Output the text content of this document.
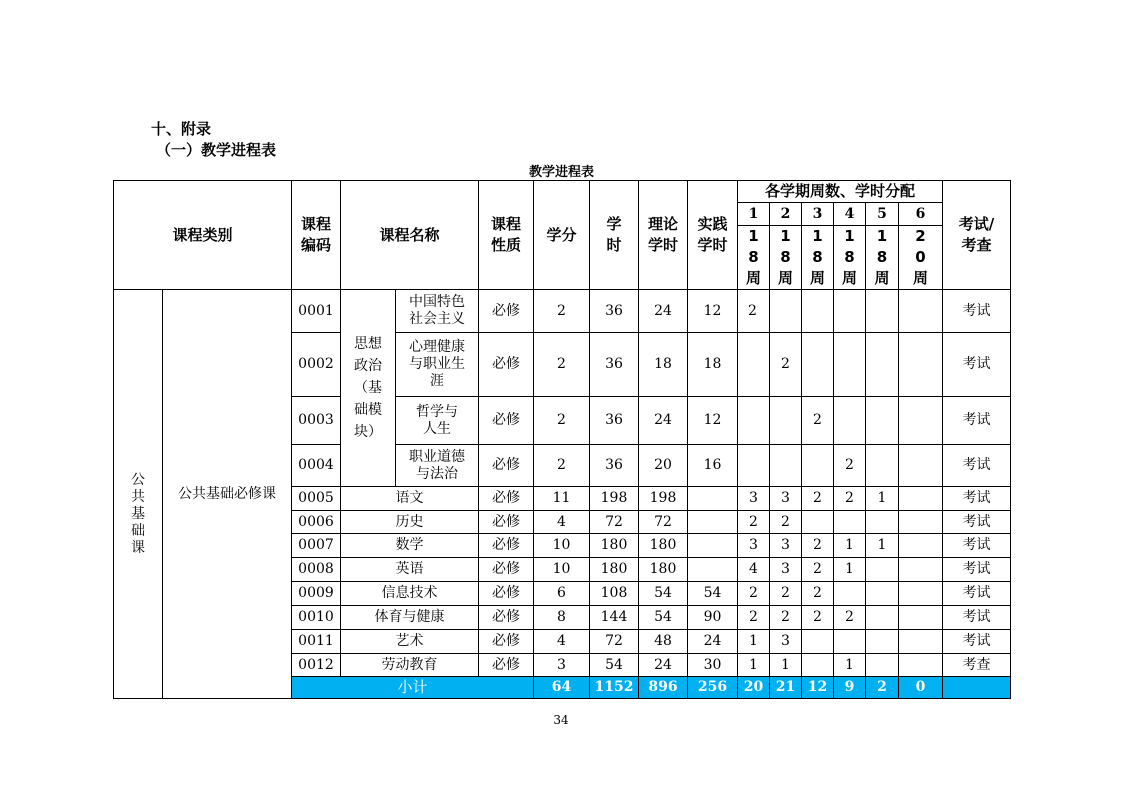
十、附录
（一）教学进程表
教学进程表
课程类别		课程编码	课程名称		课程性质	学分	学时	理论学时	实践学时	各学期周数、学时分配						考试/考查
										1	2	3	4	5	6	
										18周	18周	18周	18周	18周	20周	
公共基础课	公共基础必修课	0001	思想政治（基础模块）	中国特色社会主义	必修	2	36	24	12	2						考试
		0002		心理健康与职业生涯	必修	2	36	18	18		2					考试
		0003		哲学与人生	必修	2	36	24	12			2				考试
		0004		职业道德与法治	必修	2	36	20	16				2			考试
		0005	语文		必修	11	198	198		3	3	2	2	1		考试
		0006	历史		必修	4	72	72		2	2					考试
		0007	数学		必修	10	180	180		3	3	2	1	1		考试
		0008	英语		必修	10	180	180		4	3	2	1			考试
		0009	信息技术		必修	6	108	54	54	2	2	2				考试
		0010	体育与健康		必修	8	144	54	90	2	2	2	2			考试
		0011	艺术		必修	4	72	48	24	1	3					考试
		0012	劳动教育		必修	3	54	24	30	1	1		1			考查
		小计				64	1152	896	256	20	21	12	9	2	0	
34
